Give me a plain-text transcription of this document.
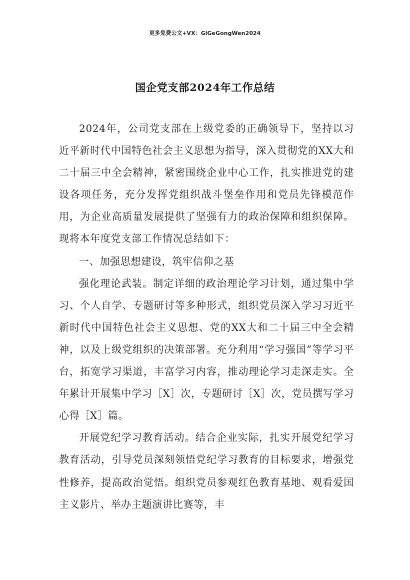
更多免费公文+VX：GiGeGongWen2024
国企党支部2024年工作总结

2024年，公司党支部在上级党委的正确领导下，坚持以习近平新时代中国特色社会主义思想为指导，深入贯彻党的XX大和二十届三中全会精神，紧密围绕企业中心工作，扎实推进党的建设各项任务，充分发挥党组织战斗堡垒作用和党员先锋模范作用，为企业高质量发展提供了坚强有力的政治保障和组织保障。现将本年度党支部工作情况总结如下：

一、加强思想建设，筑牢信仰之基

强化理论武装。制定详细的政治理论学习计划，通过集中学习、个人自学、专题研讨等多种形式，组织党员深入学习习近平新时代中国特色社会主义思想、党的XX大和二十届三中全会精神，以及上级党组织的决策部署。充分利用“学习强国”等学习平台，拓宽学习渠道，丰富学习内容，推动理论学习走深走实。全年累计开展集中学习［X］次，专题研讨［X］次，党员撰写学习心得［X］篇。

开展党纪学习教育活动。结合企业实际，扎实开展党纪学习教育活动，引导党员深刻领悟党纪学习教育的目标要求，增强党性修养，提高政治觉悟。组织党员参观红色教育基地、观看爱国主义影片、举办主题演讲比赛等，丰
